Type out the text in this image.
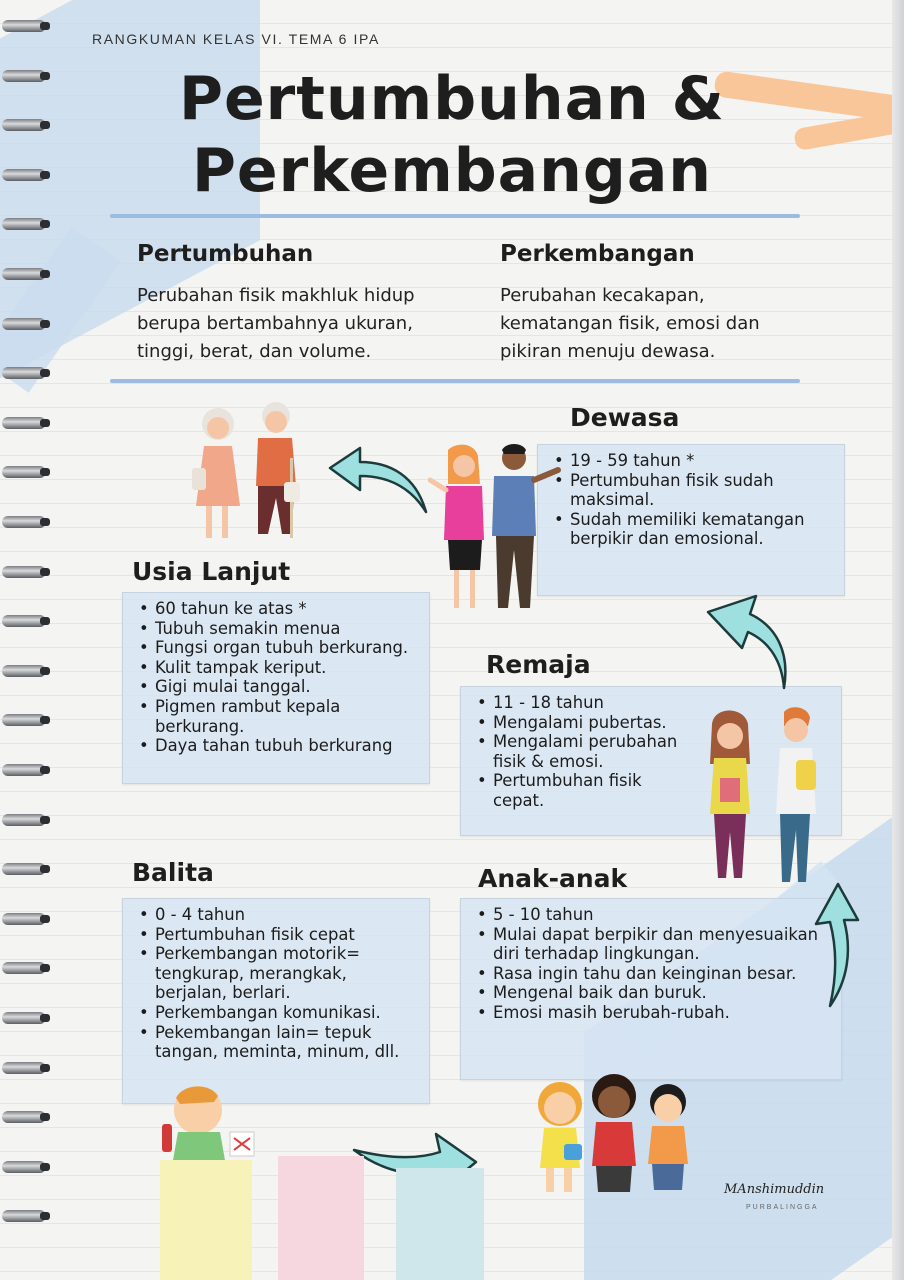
RANGKUMAN KELAS VI. TEMA 6 IPA
Pertumbuhan &
Perkembangan
Pertumbuhan
Perubahan fisik makhluk hidup
berupa bertambahnya ukuran,
tinggi, berat, dan volume.
Perkembangan
Perubahan kecakapan,
kematangan fisik, emosi dan
pikiran menuju dewasa.
Dewasa
• 19 - 59 tahun *
• Pertumbuhan fisik sudah maksimal.
• Sudah memiliki kematangan berpikir dan emosional.
Usia Lanjut
• 60 tahun ke atas *
• Tubuh semakin menua
• Fungsi organ tubuh berkurang.
• Kulit tampak keriput.
• Gigi mulai tanggal.
• Pigmen rambut kepala berkurang.
• Daya tahan tubuh berkurang
Remaja
• 11 - 18 tahun
• Mengalami pubertas.
• Mengalami perubahan fisik & emosi.
• Pertumbuhan fisik cepat.
Balita
• 0 - 4 tahun
• Pertumbuhan fisik cepat
• Perkembangan motorik= tengkurap, merangkak, berjalan, berlari.
• Perkembangan komunikasi.
• Pekembangan lain= tepuk tangan, meminta, minum, dll.
Anak-anak
• 5 - 10 tahun
• Mulai dapat berpikir dan menyesuaikan diri terhadap lingkungan.
• Rasa ingin tahu dan keinginan besar.
• Mengenal baik dan buruk.
• Emosi masih berubah-rubah.
MAnshimuddin
PURBALINGGA
